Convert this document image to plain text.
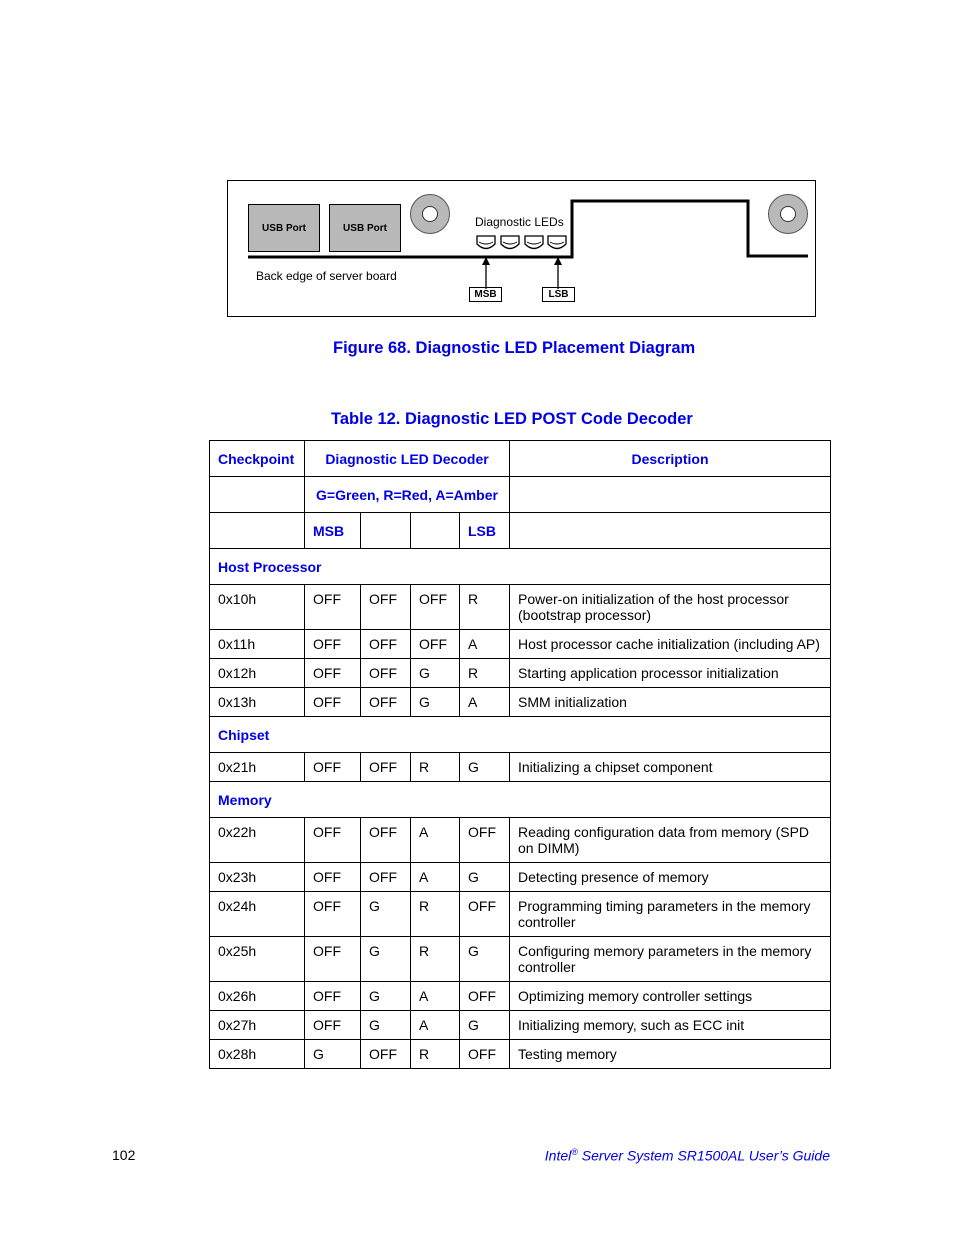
USB Port	USB Port	Diagnostic LEDs
Back edge of server board
MSB	LSB
Figure 68. Diagnostic LED Placement Diagram
Table 12. Diagnostic LED POST Code Decoder
Checkpoint	Diagnostic LED Decoder				Description
	G=Green, R=Red, A=Amber				
	MSB			LSB	
Host Processor					
0x10h	OFF	OFF	OFF	R	Power-on initialization of the host processor (bootstrap processor)
0x11h	OFF	OFF	OFF	A	Host processor cache initialization (including AP)
0x12h	OFF	OFF	G	R	Starting application processor initialization
0x13h	OFF	OFF	G	A	SMM initialization
Chipset					
0x21h	OFF	OFF	R	G	Initializing a chipset component
Memory					
0x22h	OFF	OFF	A	OFF	Reading configuration data from memory (SPD on DIMM)
0x23h	OFF	OFF	A	G	Detecting presence of memory
0x24h	OFF	G	R	OFF	Programming timing parameters in the memory controller
0x25h	OFF	G	R	G	Configuring memory parameters in the memory controller
0x26h	OFF	G	A	OFF	Optimizing memory controller settings
0x27h	OFF	G	A	G	Initializing memory, such as ECC init
0x28h	G	OFF	R	OFF	Testing memory
102	Intel® Server System SR1500AL User’s Guide
